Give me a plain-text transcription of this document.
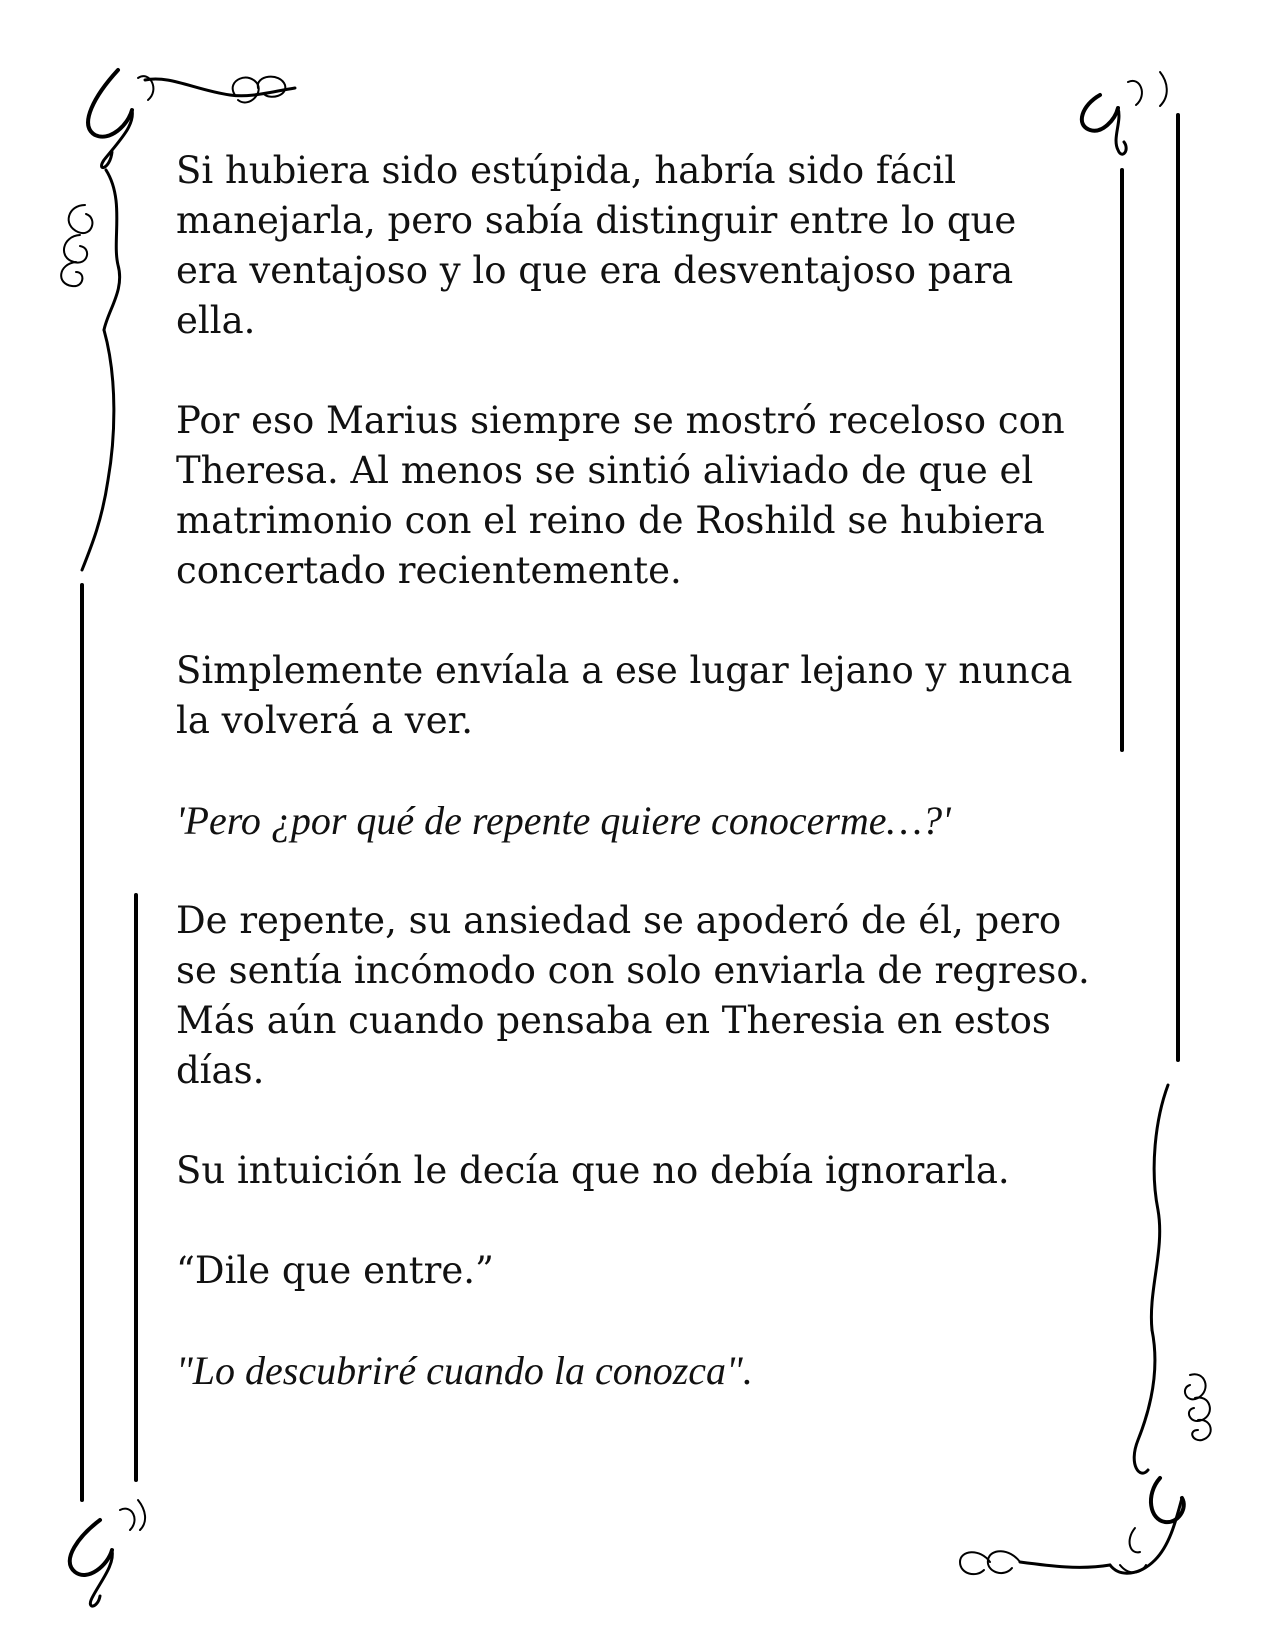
Si hubiera sido estúpida, habría sido fácil
manejarla, pero sabía distinguir entre lo que
era ventajoso y lo que era desventajoso para
ella.

Por eso Marius siempre se mostró receloso con
Theresa. Al menos se sintió aliviado de que el
matrimonio con el reino de Roshild se hubiera
concertado recientemente.

Simplemente envíala a ese lugar lejano y nunca
la volverá a ver.

'Pero ¿por qué de repente quiere conocerme…?'

De repente, su ansiedad se apoderó de él, pero
se sentía incómodo con solo enviarla de regreso.
Más aún cuando pensaba en Theresia en estos
días.

Su intuición le decía que no debía ignorarla.

“Dile que entre.”

"Lo descubriré cuando la conozca".
